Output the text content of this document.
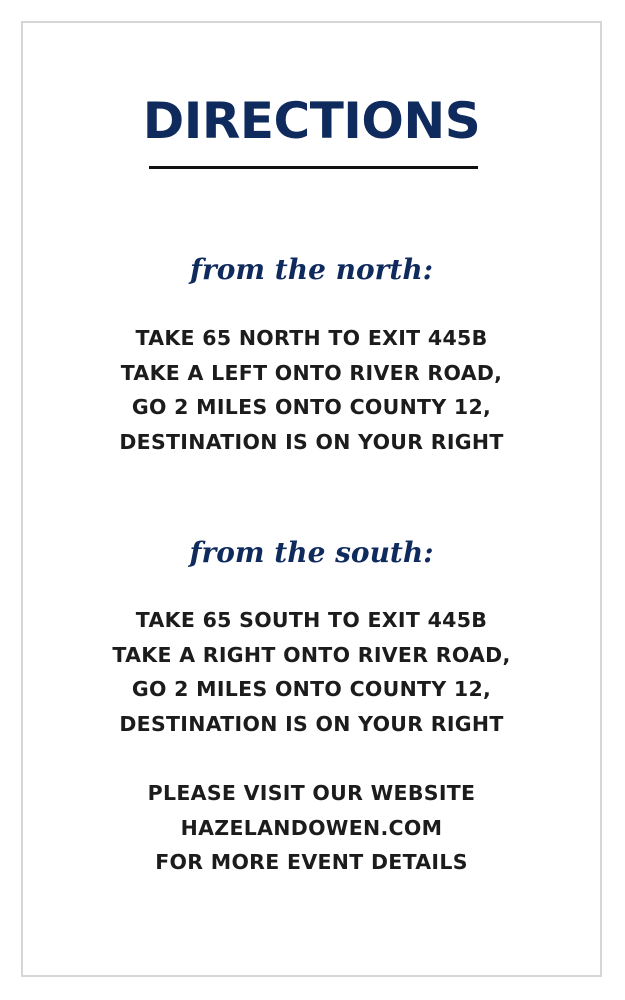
DIRECTIONS
from the north:
TAKE 65 NORTH TO EXIT 445B
TAKE A LEFT ONTO RIVER ROAD,
GO 2 MILES ONTO COUNTY 12,
DESTINATION IS ON YOUR RIGHT
from the south:
TAKE 65 SOUTH TO EXIT 445B
TAKE A RIGHT ONTO RIVER ROAD,
GO 2 MILES ONTO COUNTY 12,
DESTINATION IS ON YOUR RIGHT
PLEASE VISIT OUR WEBSITE
HAZELANDOWEN.COM
FOR MORE EVENT DETAILS
